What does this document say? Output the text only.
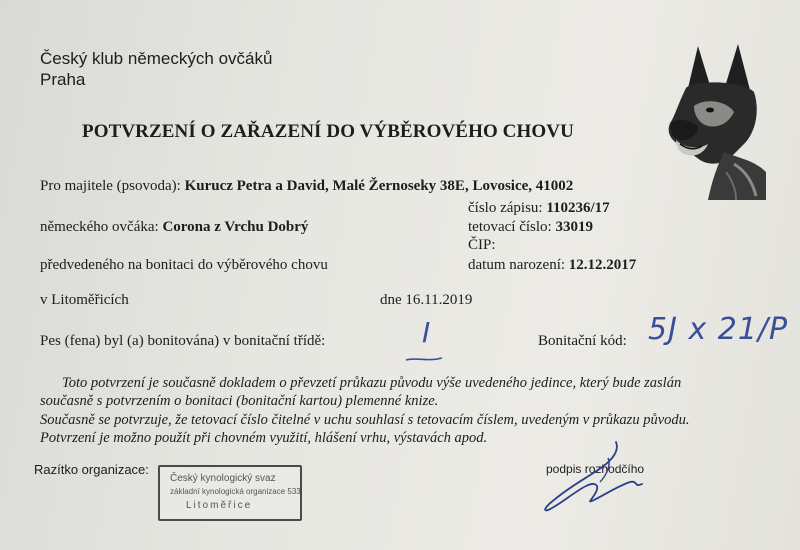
Český klub německých ovčáků
Praha
POTVRZENÍ O ZAŘAZENÍ DO VÝBĚROVÉHO CHOVU
Pro majitele (psovoda): Kurucz Petra a David, Malé Žernoseky 38E, Lovosice, 41002
číslo zápisu: 110236/17
německého ovčáka: Corona z Vrchu Dobrý	tetovací číslo: 33019
ČIP:
předvedeného na bonitaci do výběrového chovu	datum narození: 12.12.2017
v Litoměřicích	dne 16.11.2019
Pes (fena) byl (a) bonitována) v bonitační třídě:	I	Bonitační kód: 5J x 21/P
Toto potvrzení je současně dokladem o převzetí průkazu původu výše uvedeného jedince, který bude zaslán
současně s potvrzením o bonitaci (bonitační kartou) plemenné knize.
Současně se potvrzuje, že tetovací číslo čitelné v uchu souhlasí s tetovacím číslem, uvedeným v průkazu původu.
Potvrzení je možno použít při chovném využití, hlášení vrhu, výstavách apod.
Razítko organizace:
Český kynologický svaz
základní kynologická organizace 533
Litoměřice
podpis rozhodčího
